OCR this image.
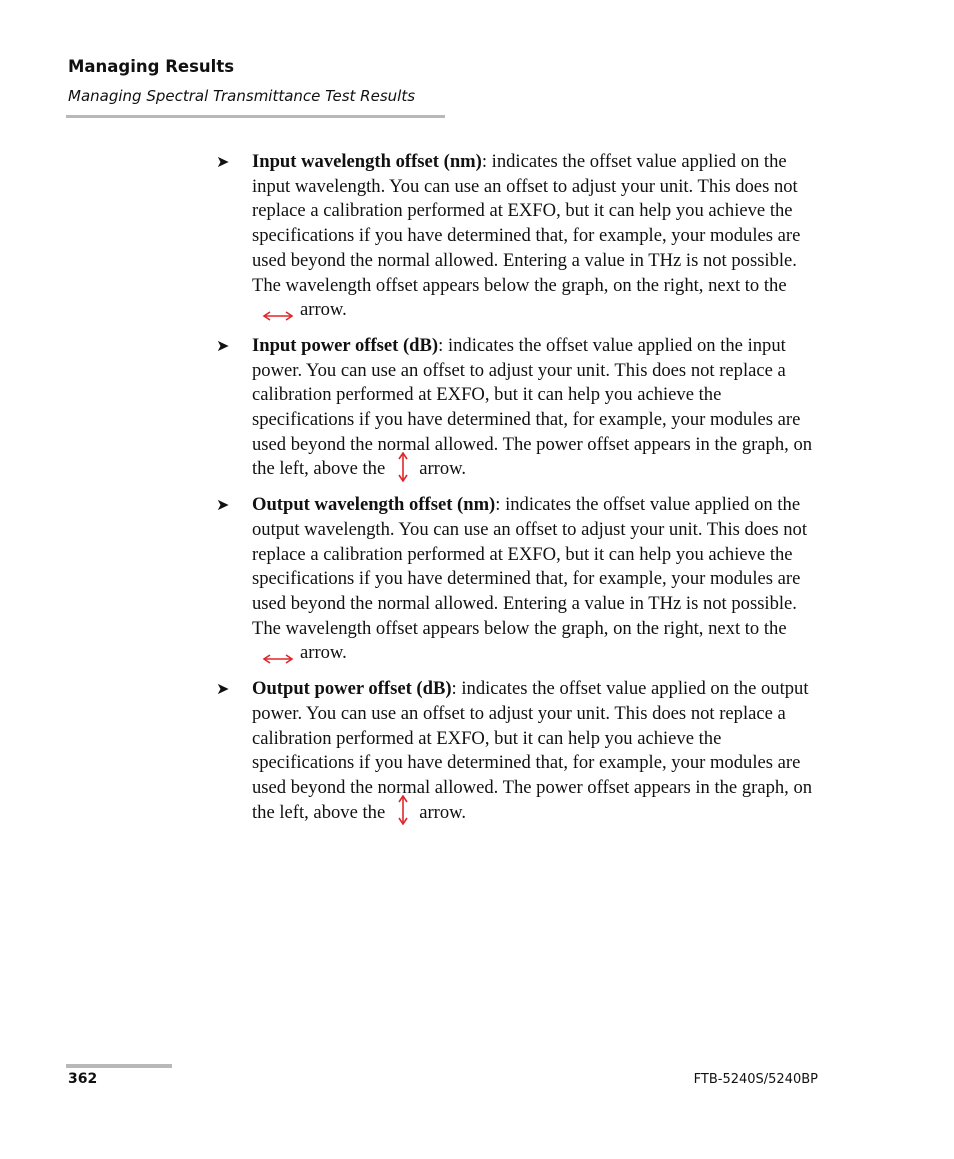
Managing Results
Managing Spectral Transmittance Test Results
➤	Input wavelength offset (nm): indicates the offset value applied on the input wavelength. You can use an offset to adjust your unit. This does not replace a calibration performed at EXFO, but it can help you achieve the specifications if you have determined that, for example, your modules are used beyond the normal allowed. Entering a value in THz is not possible. The wavelength offset appears below the graph, on the right, next to thearrow.
➤	Input power offset (dB): indicates the offset value applied on the input power. You can use an offset to adjust your unit. This does not replace a calibration performed at EXFO, but it can help you achieve the specifications if you have determined that, for example, your modules are used beyond the normal allowed. The power offset appears in the graph, on the left, above the arrow.
➤	Output wavelength offset (nm): indicates the offset value applied on the output wavelength. You can use an offset to adjust your unit. This does not replace a calibration performed at EXFO, but it can help you achieve the specifications if you have determined that, for example, your modules are used beyond the normal allowed. Entering a value in THz is not possible. The wavelength offset appears below the graph, on the right, next to thearrow.
➤	Output power offset (dB): indicates the offset value applied on the output power. You can use an offset to adjust your unit. This does not replace a calibration performed at EXFO, but it can help you achieve the specifications if you have determined that, for example, your modules are used beyond the normal allowed. The power offset appears in the graph, on the left, above the arrow.
362	FTB-5240S/5240BP
